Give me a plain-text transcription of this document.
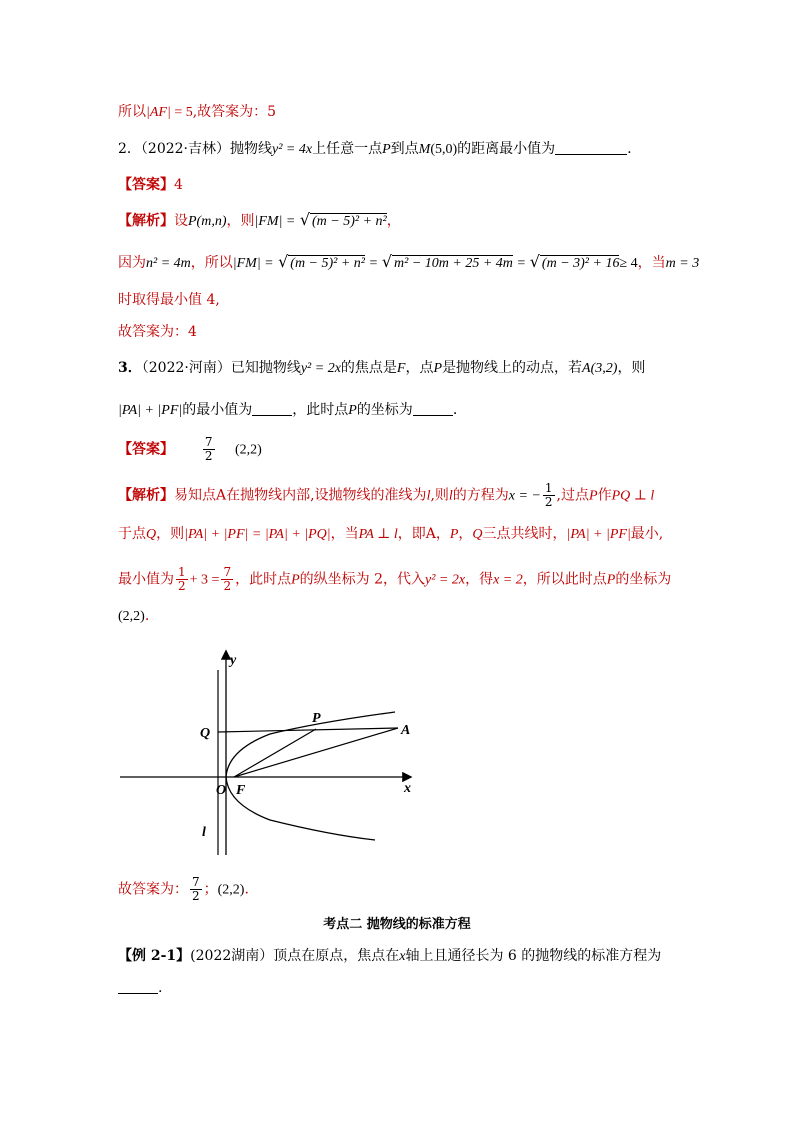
所以|AF| = 5,故答案为：5
2．（2022·吉林）抛物线y² = 4x上任意一点P到点M(5,0)的距离最小值为	.
【答案】4
【解析】设P(m,n)，则|FM| = √ (m − 5)² + n²，
因为n² = 4m，所以|FM| = √ (m − 5)² + n² = √ m² − 10m + 25 + 4m = √ (m − 3)² + 16≥ 4，当m = 3
时取得最小值 4,
故答案为：4
3．（2022·河南）已知抛物线y² = 2x的焦点是F，点P是抛物线上的动点，若A(3,2)，则
|PA| + |PF|的最小值为	，此时点P的坐标为	.
【答案】 $\frac{7}{2} (2,2)$
【解析】易知点A在抛物线内部,设抛物线的准线为l,则l的方程为x = − $\frac{1}{2}$ ,过点P作PQ ⊥ l
于点Q，则|PA| + |PF| = |PA| + |PQ|，当PA ⊥ l，即A，P，Q三点共线时，|PA| + |PF|最小,
最小值为 $\frac{1}{2} + 3 = \frac{7}{2}$ ，此时点P的纵坐标为 2，代入y² = 2x，得x = 2，所以此时点P的坐标为
(2,2).
y
x
Q
P
A
O F
l
故答案为： $\frac{7}{2}$ ；(2,2).
考点二 抛物线的标准方程
【例 2-1】(2022湖南）顶点在原点，焦点在x轴上且通径长为 6 的抛物线的标准方程为
.
